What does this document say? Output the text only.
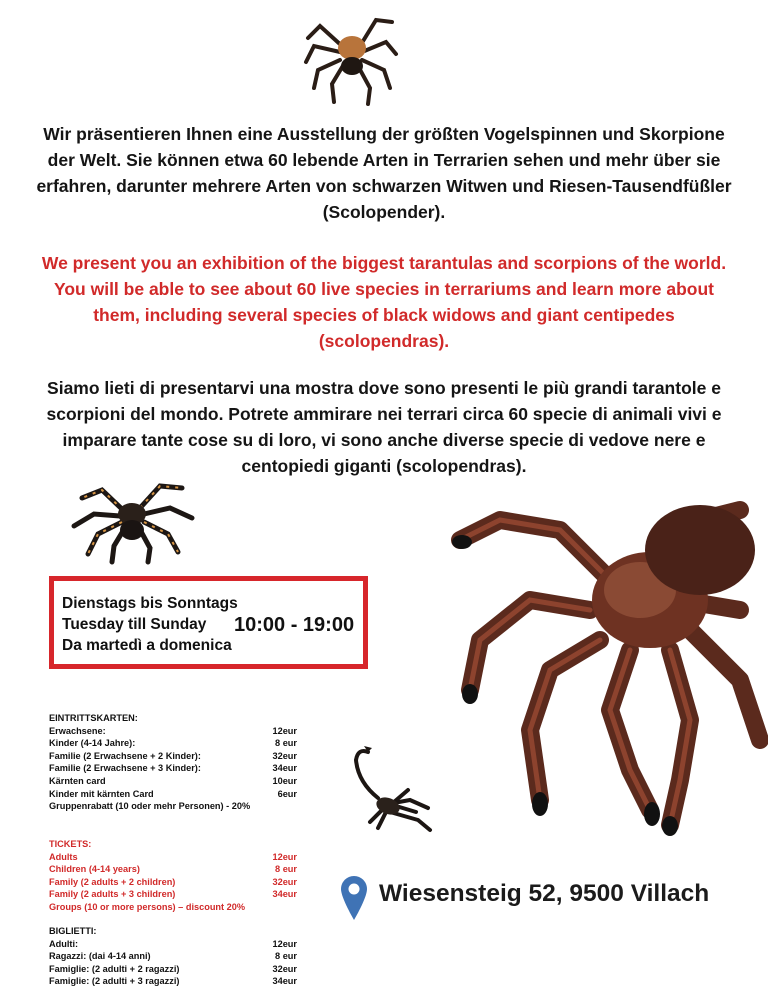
Wir präsentieren Ihnen eine Ausstellung der größten Vogelspinnen und Skorpione der Welt. Sie können etwa 60 lebende Arten in Terrarien sehen und mehr über sie erfahren, darunter mehrere Arten von schwarzen Witwen und Riesen-Tausendfüßler (Scolopender).
We present you an exhibition of the biggest tarantulas and scorpions of the world. You will be able to see about 60 live species in terrariums and learn more about them, including several species of black widows and giant centipedes (scolopendras).
Siamo lieti di presentarvi una mostra dove sono presenti le più grandi tarantole e scorpioni del mondo. Potrete ammirare nei terrari circa 60 specie di animali vivi e imparare tante cose su di loro, vi sono anche diverse specie di vedove nere e centopiedi giganti (scolopendras).
Dienstags bis Sonntags
Tuesday till Sunday
Da martedì a domenica
10:00 - 19:00
EINTRITTSKARTEN:
Erwachsene:	12eur
Kinder (4-14 Jahre):	8 eur
Familie (2 Erwachsene + 2 Kinder):	32eur
Familie (2 Erwachsene + 3 Kinder):	34eur
Kärnten card	10eur
Kinder mit kärnten Card	6eur
Gruppenrabatt (10 oder mehr Personen) - 20%
TICKETS:
Adults	12eur
Children (4-14 years)	8 eur
Family (2 adults + 2 children)	32eur
Family (2 adults + 3 children)	34eur
Groups (10 or more persons) – discount 20%
BIGLIETTI:
Adulti:	12eur
Ragazzi: (dai 4-14 anni)	8 eur
Famiglie: (2 adulti + 2 ragazzi)	32eur
Famiglie: (2 adulti + 3 ragazzi)	34eur
Wiesensteig 52, 9500 Villach
